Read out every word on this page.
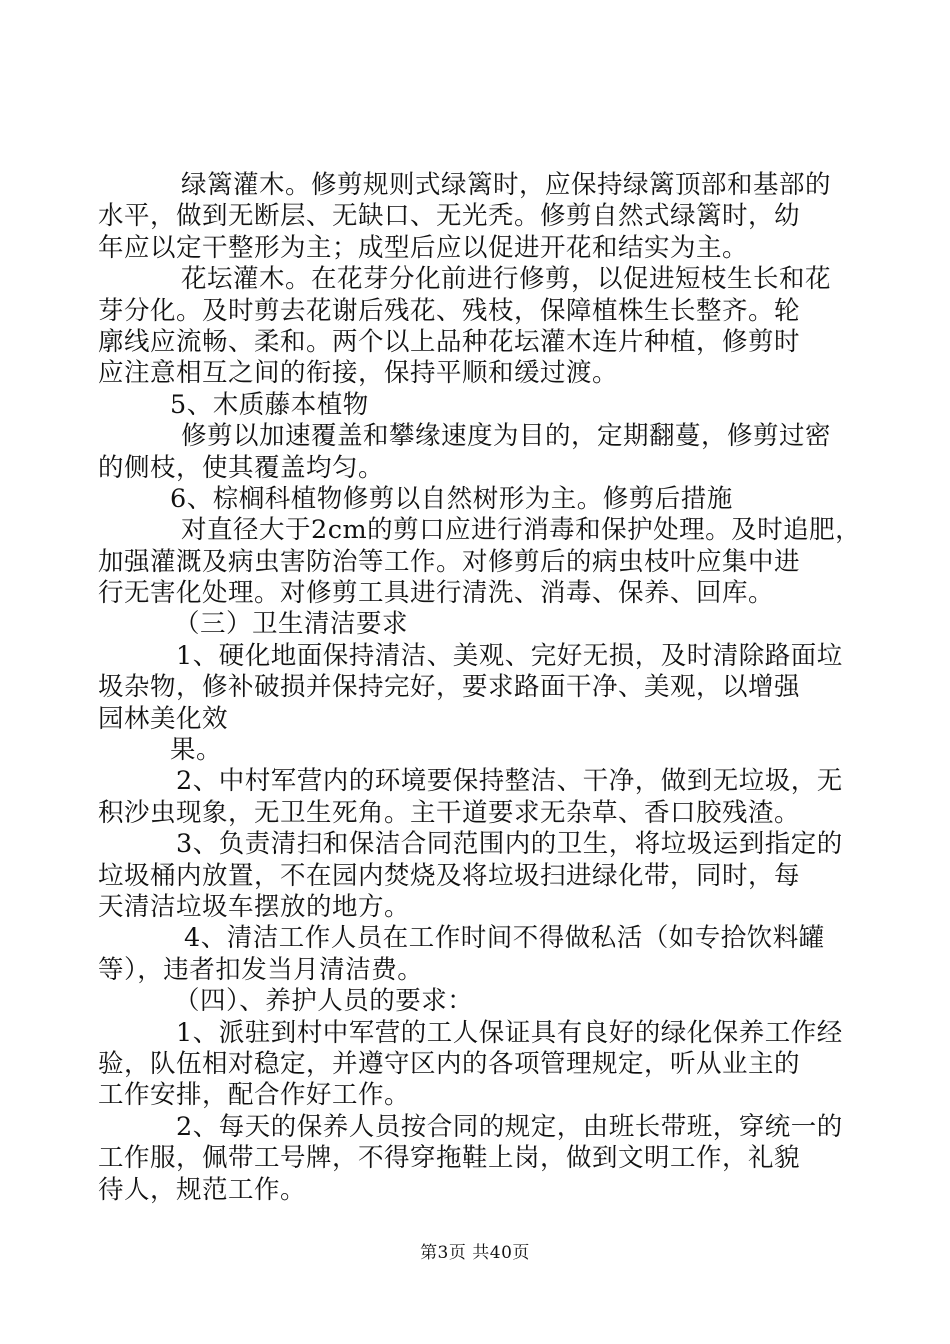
绿篱灌木。修剪规则式绿篱时，应保持绿篱顶部和基部的
水平，做到无断层、无缺口、无光秃。修剪自然式绿篱时，幼
年应以定干整形为主；成型后应以促进开花和结实为主。
花坛灌木。在花芽分化前进行修剪，以促进短枝生长和花
芽分化。及时剪去花谢后残花、残枝，保障植株生长整齐。轮
廓线应流畅、柔和。两个以上品种花坛灌木连片种植，修剪时
应注意相互之间的衔接，保持平顺和缓过渡。
5、木质藤本植物
修剪以加速覆盖和攀缘速度为目的，定期翻蔓，修剪过密
的侧枝，使其覆盖均匀。
6、棕榈科植物修剪以自然树形为主。修剪后措施
对直径大于2cm的剪口应进行消毒和保护处理。及时追肥，
加强灌溉及病虫害防治等工作。对修剪后的病虫枝叶应集中进
行无害化处理。对修剪工具进行清洗、消毒、保养、回库。
（三）卫生清洁要求
1、硬化地面保持清洁、美观、完好无损，及时清除路面垃
圾杂物，修补破损并保持完好，要求路面干净、美观，以增强
园林美化效
果。
2、中村军营内的环境要保持整洁、干净，做到无垃圾，无
积沙虫现象，无卫生死角。主干道要求无杂草、香口胶残渣。
3、负责清扫和保洁合同范围内的卫生，将垃圾运到指定的
垃圾桶内放置，不在园内焚烧及将垃圾扫进绿化带，同时，每
天清洁垃圾车摆放的地方。
4、清洁工作人员在工作时间不得做私活（如专拾饮料罐
等），违者扣发当月清洁费。
（四）、养护人员的要求：
1、派驻到村中军营的工人保证具有良好的绿化保养工作经
验，队伍相对稳定，并遵守区内的各项管理规定，听从业主的
工作安排，配合作好工作。
2、每天的保养人员按合同的规定，由班长带班，穿统一的
工作服，佩带工号牌，不得穿拖鞋上岗，做到文明工作，礼貌
待人，规范工作。
第3页 共40页
